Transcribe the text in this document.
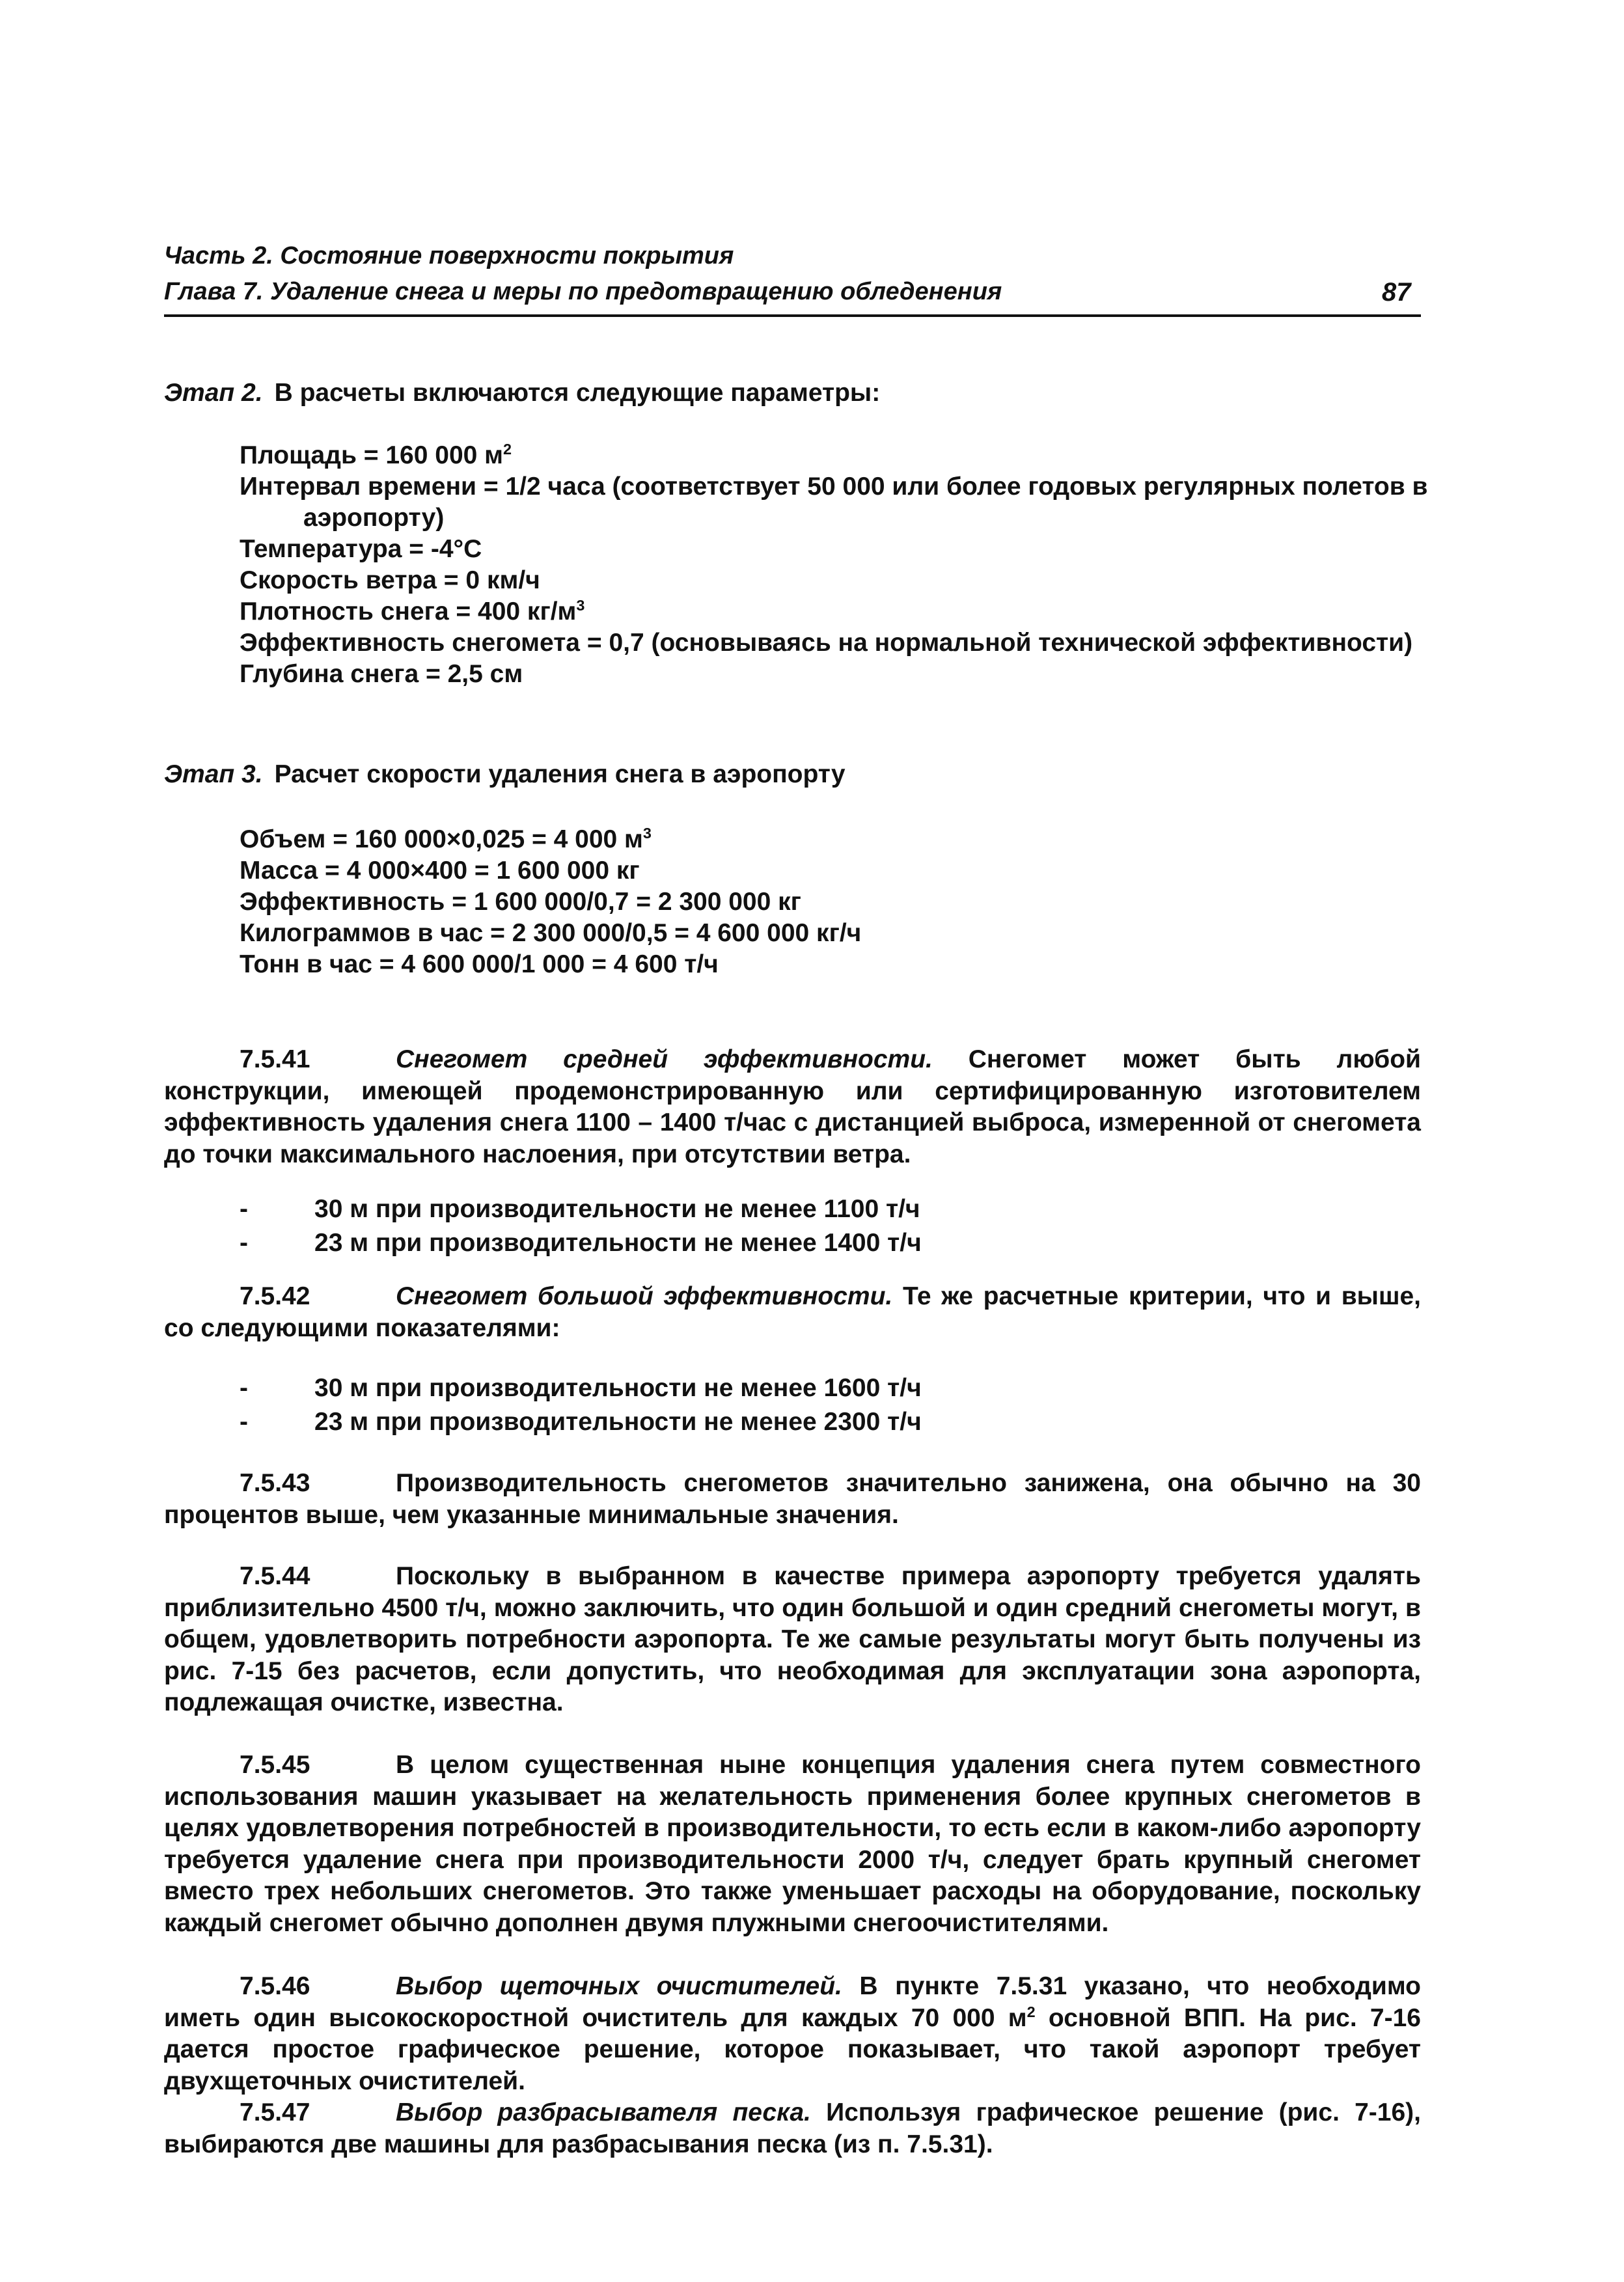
Часть 2. Состояние поверхности покрытия
Глава 7. Удаление снега и меры по предотвращению обледенения	87
Этап 2. В расчеты включаются следующие параметры:
Площадь = 160 000 $м^2$
Интервал времени = 1/2 часа (соответствует 50 000 или более годовых регулярных полетов в
аэропорту)
Температура = -4°С
Скорость ветра = 0 км/ч
Плотность снега = 400 $кг/м^3$
Эффективность снегомета = 0,7 (основываясь на нормальной технической эффективности)
Глубина снега = 2,5 см
Этап 3. Расчет скорости удаления снега в аэропорту
Объем = 160 000×0,025 = 4 000 $м^3$
Масса = 4 000×400 = 1 600 000 кг
Эффективность = 1 600 000/0,7 = 2 300 000 кг
Килограммов в час = 2 300 000/0,5 = 4 600 000 кг/ч
Тонн в час = 4 600 000/1 000 = 4 600 т/ч
7.5.41	Снегомет средней эффективности. Снегомет может быть любой конструкции, имеющей продемонстрированную или сертифицированную изготовителем эффективность удаления снега 1100 – 1400 т/час с дистанцией выброса, измеренной от снегомета до точки максимального наслоения, при отсутствии ветра.
-	30 м при производительности не менее 1100 т/ч
-	23 м при производительности не менее 1400 т/ч
7.5.42	Снегомет большой эффективности. Те же расчетные критерии, что и выше, со следующими показателями:
-	30 м при производительности не менее 1600 т/ч
-	23 м при производительности не менее 2300 т/ч
7.5.43	Производительность снегометов значительно занижена, она обычно на 30 процентов выше, чем указанные минимальные значения.
7.5.44	Поскольку в выбранном в качестве примера аэропорту требуется удалять приблизительно 4500 т/ч, можно заключить, что один большой и один средний снегометы могут, в общем, удовлетворить потребности аэропорта. Те же самые результаты могут быть получены из рис. 7-15 без расчетов, если допустить, что необходимая для эксплуатации зона аэропорта, подлежащая очистке, известна.
7.5.45	В целом существенная ныне концепция удаления снега путем совместного использования машин указывает на желательность применения более крупных снегометов в целях удовлетворения потребностей в производительности, то есть если в каком-либо аэропорту требуется удаление снега при производительности 2000 т/ч, следует брать крупный снегомет вместо трех небольших снегометов. Это также уменьшает расходы на оборудование, поскольку каждый снегомет обычно дополнен двумя плужными снегоочистителями.
7.5.46	Выбор щеточных очистителей. В пункте 7.5.31 указано, что необходимо иметь один высокоскоростной очиститель для каждых 70 000 $м^2$ основной ВПП. На рис. 7-16 дается простое графическое решение, которое показывает, что такой аэропорт требует двухщеточных очистителей.
7.5.47	Выбор разбрасывателя песка. Используя графическое решение (рис. 7-16), выбираются две машины для разбрасывания песка (из п. 7.5.31).
